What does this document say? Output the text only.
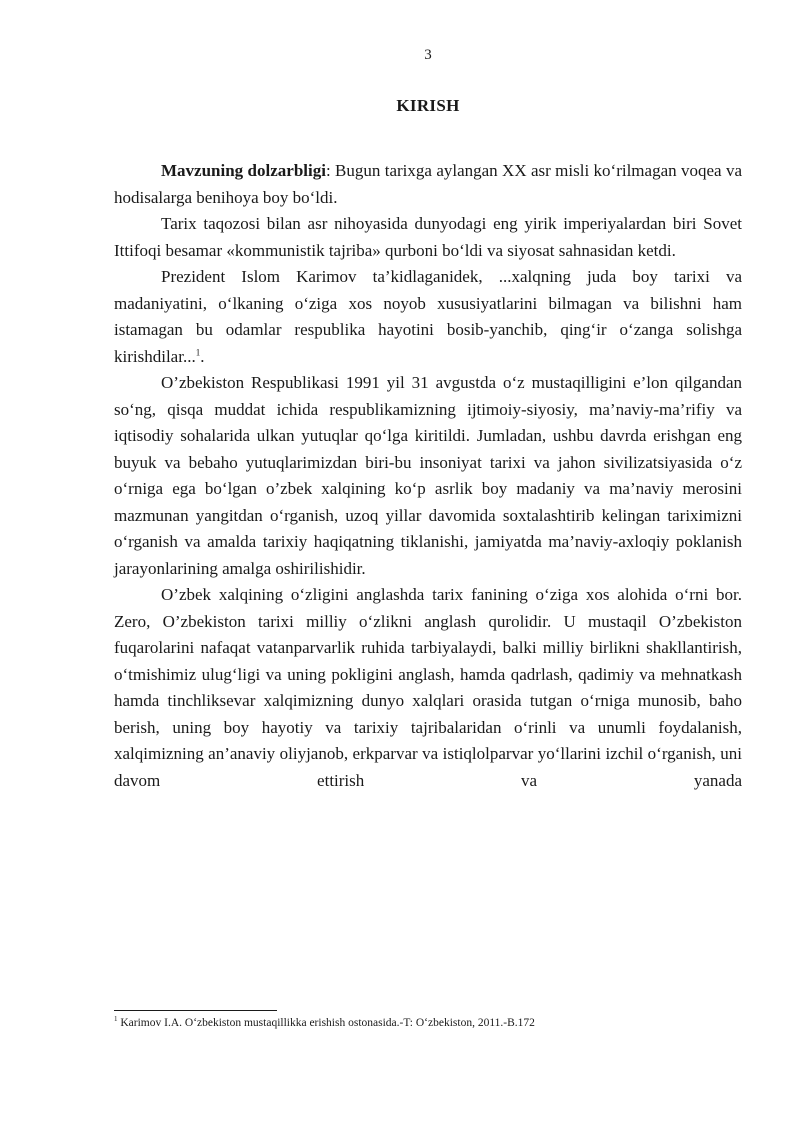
3
KIRISH

Mavzuning dolzarbligi: Bugun tarixga aylangan XX asr misli ko‘rilmagan voqea va hodisalarga benihoya boy bo‘ldi.

Tarix taqozosi bilan asr nihoyasida dunyodagi eng yirik imperiyalardan biri Sovet Ittifoqi besamar «kommunistik tajriba» qurboni bo‘ldi va siyosat sahnasidan ketdi.

Prezident Islom Karimov ta’kidlaganidek, ...xalqning juda boy tarixi va madaniyatini, o‘lkaning o‘ziga xos noyob xususiyatlarini bilmagan va bilishni ham istamagan bu odamlar respublika hayotini bosib-yanchib, qing‘ir o‘zanga solishga kirishdilar...$^1$.

O’zbekiston Respublikasi 1991 yil 31 avgustda o‘z mustaqilligini e’lon qilgandan so‘ng, qisqa muddat ichida respublikamizning ijtimoiy-siyosiy, ma’naviy-ma’rifiy va iqtisodiy sohalarida ulkan yutuqlar qo‘lga kiritildi. Jumladan, ushbu davrda erishgan eng buyuk va bebaho yutuqlarimizdan biri-bu insoniyat tarixi va jahon sivilizatsiyasida o‘z o‘rniga ega bo‘lgan o’zbek xalqining ko‘p asrlik boy madaniy va ma’naviy merosini mazmunan yangitdan o‘rganish, uzoq yillar davomida soxtalashtirib kelingan tariximizni o‘rganish va amalda tarixiy haqiqatning tiklanishi, jamiyatda ma’naviy-axloqiy poklanish jarayonlarining amalga oshirilishidir.

O’zbek xalqining o‘zligini anglashda tarix fanining o‘ziga xos alohida o‘rni bor. Zero, O’zbekiston tarixi milliy o‘zlikni anglash qurolidir. U mustaqil O’zbekiston fuqarolarini nafaqat vatanparvarlik ruhida tarbiyalaydi, balki milliy birlikni shakllantirish, o‘tmishimiz ulug‘ligi va uning pokligini anglash, hamda qadrlash, qadimiy va mehnatkash hamda tinchliksevar xalqimizning dunyo xalqlari orasida tutgan o‘rniga munosib, baho berish, uning boy hayotiy va tarixiy tajribalaridan o‘rinli va unumli foydalanish, xalqimizning an’anaviy oliyjanob, erkparvar va istiqlolparvar yo‘llarini izchil o‘rganish, uni davom ettirish va yanada

$^1$ Karimov I.A. O‘zbekiston mustaqillikka erishish ostonasida.-T: O‘zbekiston, 2011.-B.172
